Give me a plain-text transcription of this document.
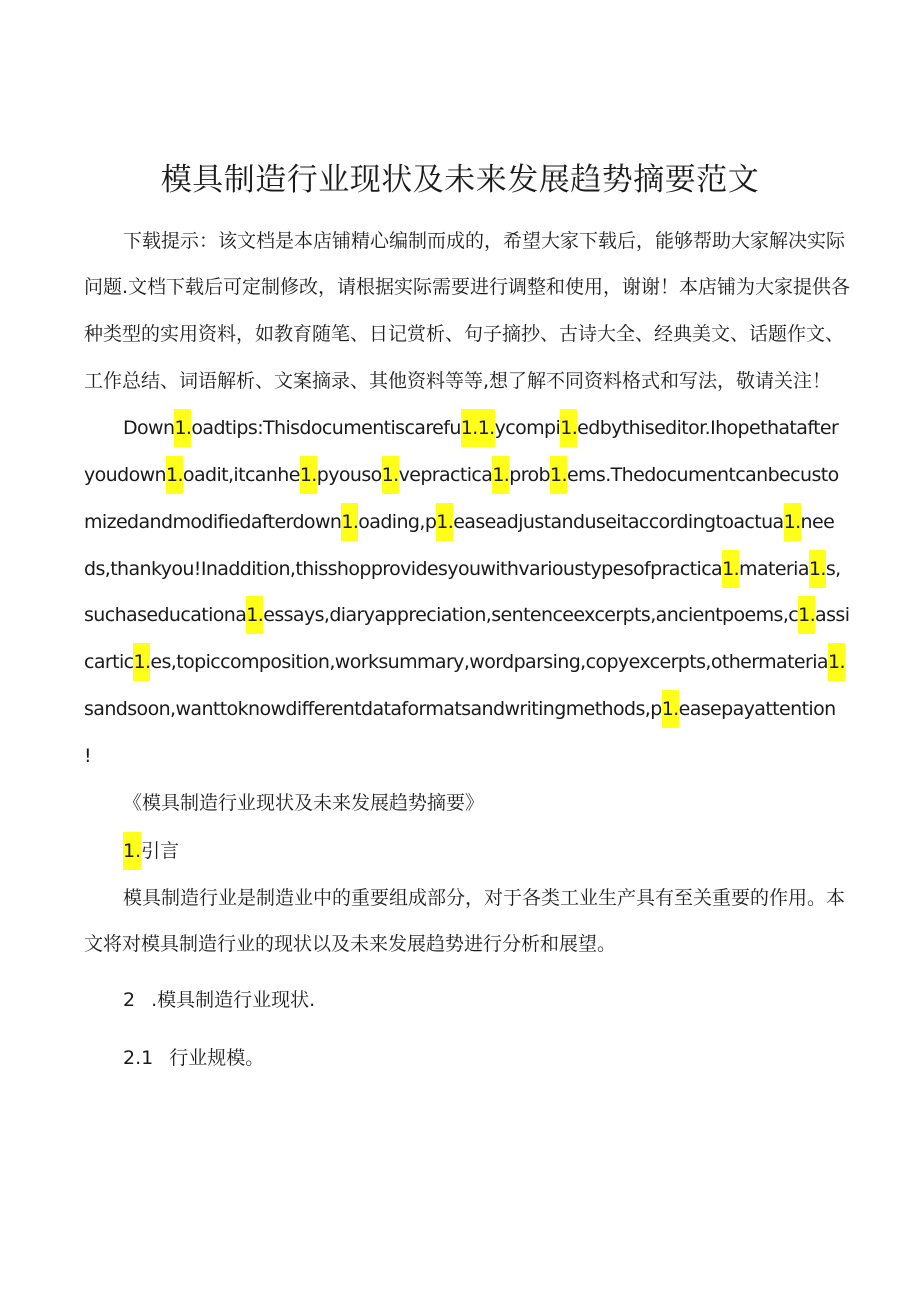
模具制造行业现状及未来发展趋势摘要范文
下载提示：该文档是本店铺精心编制而成的，希望大家下载后，能够帮助大家解决实际
问题.文档下载后可定制修改，请根据实际需要进行调整和使用，谢谢！本店铺为大家提供各
种类型的实用资料，如教育随笔、日记赏析、句子摘抄、古诗大全、经典美文、话题作文、
工作总结、词语解析、文案摘录、其他资料等等,想了解不同资料格式和写法，敬请关注！
Down1.oadtips:Thisdocumentiscarefu1.1.ycompi1.edbythiseditor.Ihopethatafter
youdown1.oadit,itcanhe1.pyouso1.vepractica1.prob1.ems.Thedocumentcanbecusto
mizedandmodifiedafterdown1.oading,p1.easeadjustanduseitaccordingtoactua1.nee
ds,thankyou!Inaddition,thisshopprovidesyouwithvarioustypesofpractica1.materia1.s,
suchaseducationa1.essays,diaryappreciation,sentenceexcerpts,ancientpoems,c1.assi
cartic1.es,topiccomposition,worksummary,wordparsing,copyexcerpts,othermateria1.
sandsoon,wanttoknowdifferentdataformatsandwritingmethods,p1.easepayattention
!
《模具制造行业现状及未来发展趋势摘要》
1.引言
模具制造行业是制造业中的重要组成部分，对于各类工业生产具有至关重要的作用。本
文将对模具制造行业的现状以及未来发展趋势进行分析和展望。
2 .模具制造行业现状.
2.1 行业规模。
